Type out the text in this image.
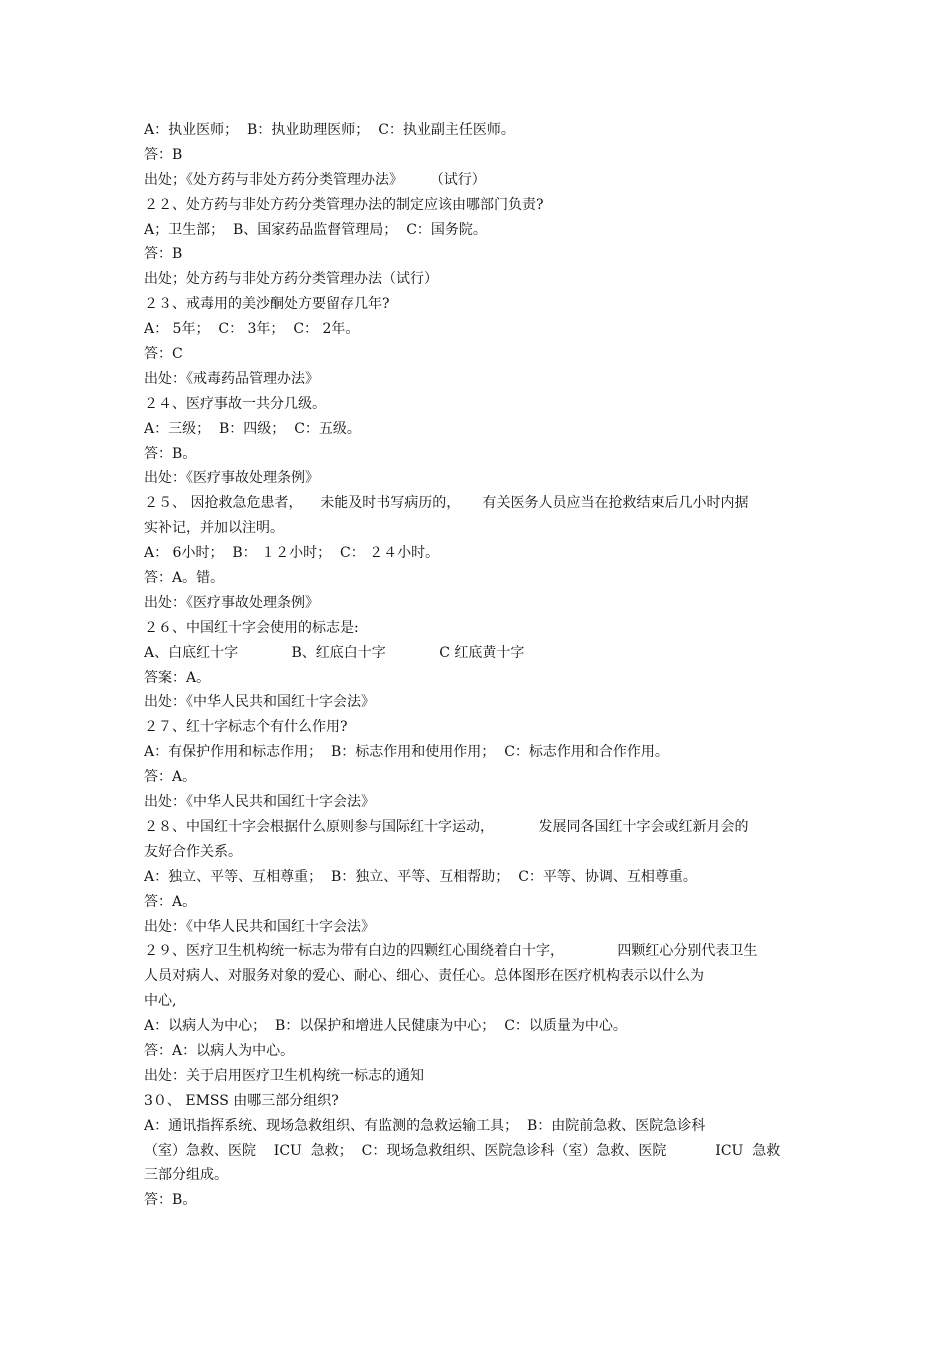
A：执业医师；  B：执业助理医师；  C：执业副主任医师。
答：B
出处；《处方药与非处方药分类管理办法》      （试行）
２２、处方药与非处方药分类管理办法的制定应该由哪部门负责?
A；卫生部；  B、国家药品监督管理局；  C：国务院。
答：B
出处；处方药与非处方药分类管理办法（试行）
２３、戒毒用的美沙酮处方要留存几年?
A： 5年；  C： 3年；  C： 2年。
答：C
出处：《戒毒药品管理办法》
２４、医疗事故一共分几级。
A：三级；  B：四级；  C：五级。
答：B。
出处：《医疗事故处理条例》
２５、 因抢救急危患者，    未能及时书写病历的，     有关医务人员应当在抢救结束后几小时内据
实补记，并加以注明。
A： 6小时；  B： １２小时；  C： ２４小时。
答：A。错。
出处：《医疗事故处理条例》
２６、中国红十字会使用的标志是:
A、白底红十字            B、红底白十字            C 红底黄十字
答案：A。
出处：《中华人民共和国红十字会法》
２７、红十字标志个有什么作用?
A：有保护作用和标志作用；  B：标志作用和使用作用；  C：标志作用和合作作用。
答：A。
出处：《中华人民共和国红十字会法》
２８、中国红十字会根据什么原则参与国际红十字运动，          发展同各国红十字会或红新月会的
友好合作关系。
A：独立、平等、互相尊重；  B：独立、平等、互相帮助；  C：平等、协调、互相尊重。
答：A。
出处：《中华人民共和国红十字会法》
２９、医疗卫生机构统一标志为带有白边的四颗红心围绕着白十字，            四颗红心分别代表卫生
人员对病人、对服务对象的爱心、耐心、细心、责任心。总体图形在医疗机构表示以什么为
中心,
A：以病人为中心；  B：以保护和增进人民健康为中心；  C：以质量为中心。
答：A：以病人为中心。
出处：关于启用医疗卫生机构统一标志的通知
3０、 EMSS 由哪三部分组织?
A：通讯指挥系统、现场急救组织、有监测的急救运输工具；  B：由院前急救、医院急诊科
（室）急救、医院    ICU  急救；  C：现场急救组织、医院急诊科（室）急救、医院           ICU  急救
三部分组成。
答：B。
